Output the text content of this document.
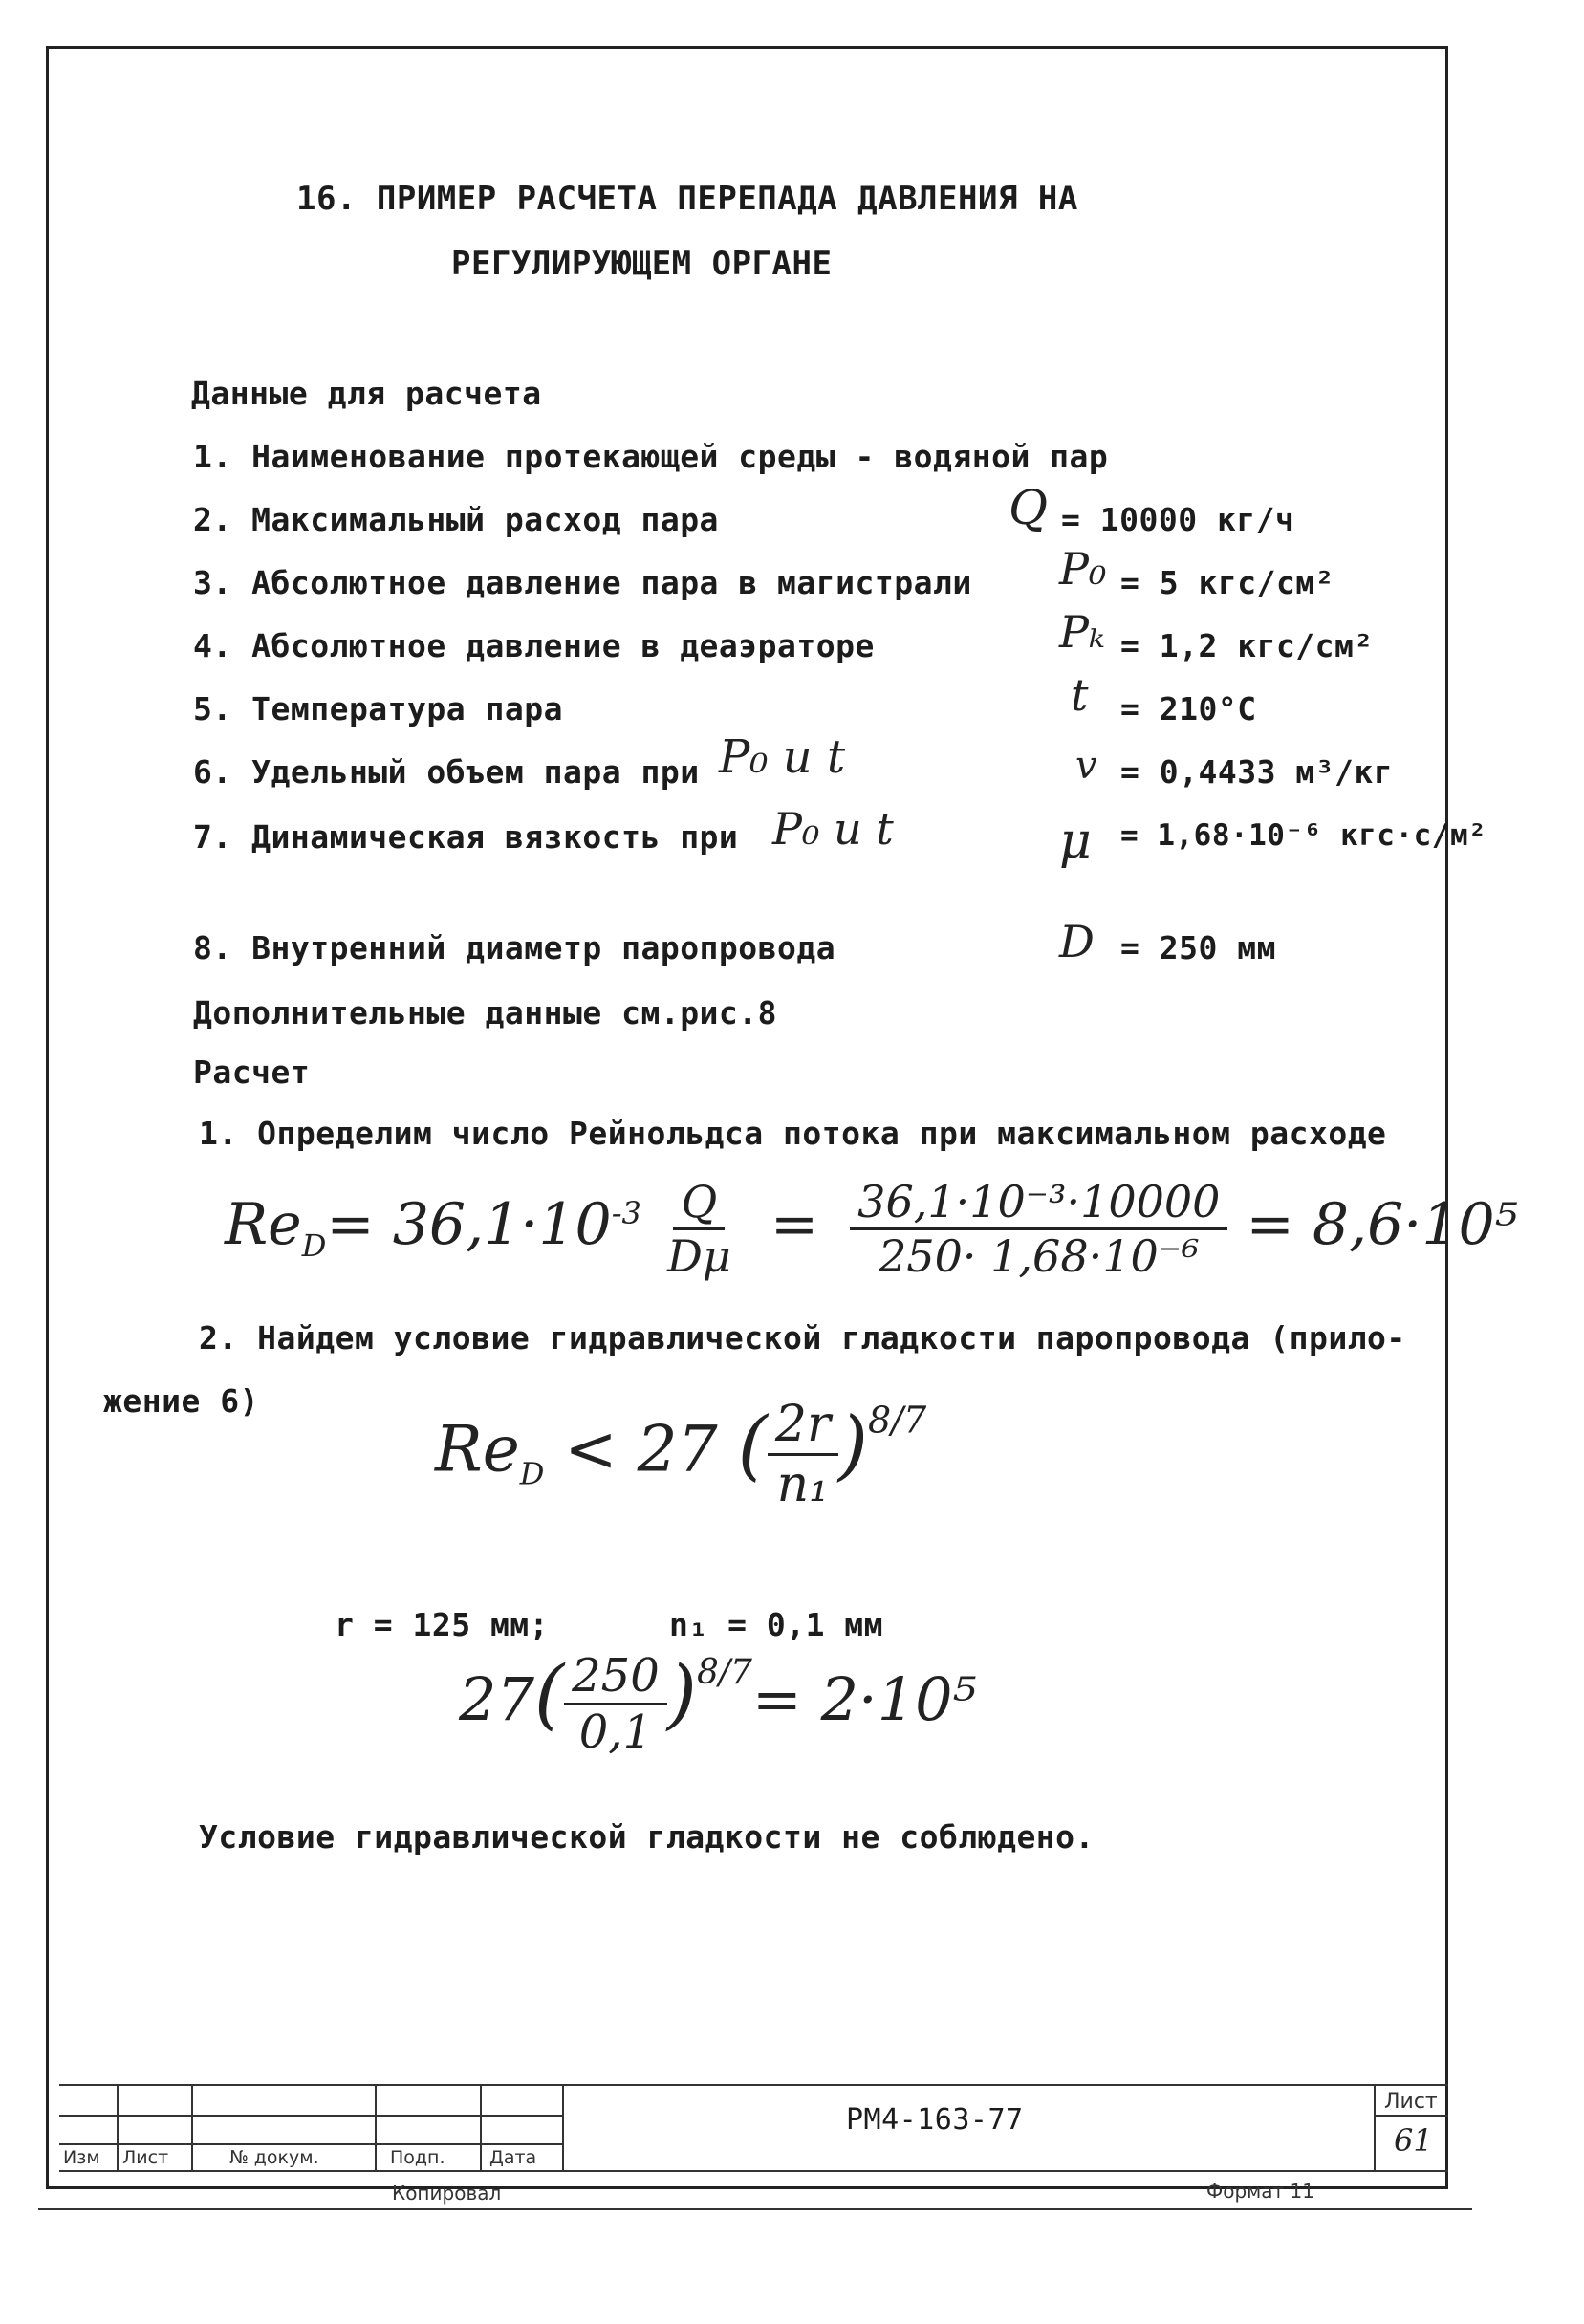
16. ПРИМЕР РАСЧЕТА ПЕРЕПАДА ДАВЛЕНИЯ НА
РЕГУЛИРУЮЩЕМ ОРГАНЕ
Данные для расчета
1. Наименование протекающей среды - водяной пар
2. Максимальный расход пара	Q = 10000 кг/ч
3. Абсолютное давление пара в магистрали P₀ = 5 кгс/см²
4. Абсолютное давление в деаэраторе	Pₖ = 1,2 кгс/см²
5. Температура пара	t = 210°C
6. Удельный объем пара при P₀ и t	v = 0,4433 м³/кг
7. Динамическая вязкость при P₀ и t	μ = 1,68·10⁻⁶ кгс·с/м²
8. Внутренний диаметр паропровода	D = 250 мм
Дополнительные данные см.рис.8
Расчет
1. Определим число Рейнольдса потока при максимальном расходе
$Re_D= 36,1\cdot 10^{-3} \frac{Q}{D\mu} = \frac{\text{36,1·10⁻³·10000}}{\text{250· 1,68·10⁻⁶}} = 8,6\cdot 10^5$
2. Найдем условие гидравлической гладкости паропровода (прило-
жение 6)
$Re_D < 27$ ( $\frac{2r}{\text{n₁}} )^{8/7}$
r = 125 мм;	n₁ = 0,1 мм
$27( \frac{250}{0,1} )^{8/7}= 2\cdot 10^5$
Условие гидравлической гладкости не соблюдено.
Изм Лист	№ докум.	Подп. Дата
РМ4-163-77
Лист
61
Копировал	Формат 11
